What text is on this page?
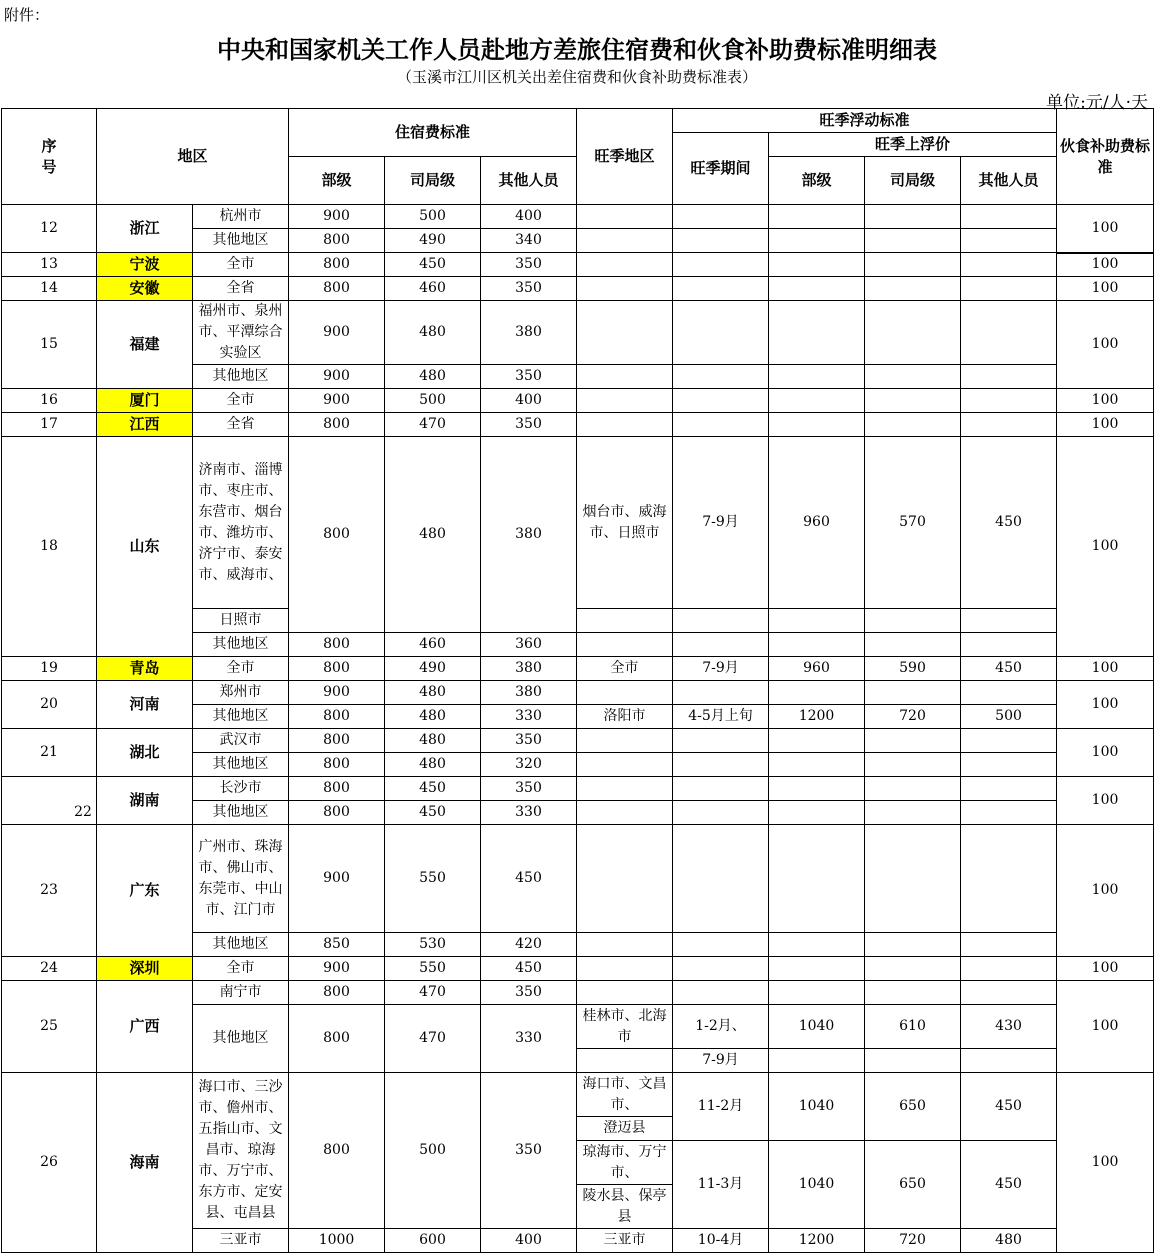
附件：
中央和国家机关工作人员赴地方差旅住宿费和伙食补助费标准明细表
（玉溪市江川区机关出差住宿费和伙食补助费标准表）
单位:元/人·天
序
号	地区		住宿费标准			旺季地区	旺季浮动标准				伙食补助费标准
							旺季期间	旺季上浮价			
			部级	司局级	其他人员			部级	司局级	其他人员	
12	浙江	杭州市	900	500	400						100
		其他地区	800	490	340						
13	宁波	全市	800	450	350						100
14	安徽	全省	800	460	350						100
15	福建	福州市、泉州市、平潭综合实验区	900	480	380						100
		其他地区	900	480	350						
16	厦门	全市	900	500	400						100
17	江西	全省	800	470	350						100
18	山东	济南市、淄博市、枣庄市、东营市、烟台市、潍坊市、济宁市、泰安市、威海市、	800	480	380	烟台市、威海市、日照市	7-9月	960	570	450	100
		日照市									
		其他地区	800	460	360						
19	青岛	全市	800	490	380	全市	7-9月	960	590	450	100
20	河南	郑州市	900	480	380						100
		其他地区	800	480	330	洛阳市	4-5月上旬	1200	720	500	
21	湖北	武汉市	800	480	350						100
		其他地区	800	480	320						
22	湖南	长沙市	800	450	350						100
		其他地区	800	450	330						
23	广东	广州市、珠海市、佛山市、东莞市、中山市、江门市	900	550	450						100
		其他地区	850	530	420						
24	深圳	全市	900	550	450						100
25	广西	南宁市	800	470	350						100
		其他地区	800	470	330	桂林市、北海市	1-2月、	1040	610	430	
							7-9月				
26	海南	海口市、三沙市、儋州市、五指山市、文昌市、琼海市、万宁市、东方市、定安县、屯昌县	800	500	350	海口市、文昌市、	11-2月	1040	650	450	100
						澄迈县					
						琼海市、万宁市、	11-3月	1040	650	450	
						陵水县、保亭县					
		三亚市	1000	600	400	三亚市	10-4月	1200	720	480	
